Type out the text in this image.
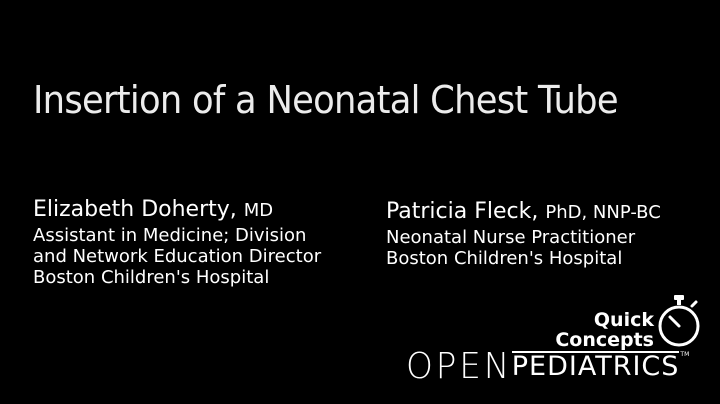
Insertion of a Neonatal Chest Tube
Elizabeth Doherty, MD
Assistant in Medicine; Division
and Network Education Director
Boston Children's Hospital
Patricia Fleck, PhD, NNP-BC
Neonatal Nurse Practitioner
Boston Children's Hospital
Quick
Concepts
OPENPEDIATRICS™
